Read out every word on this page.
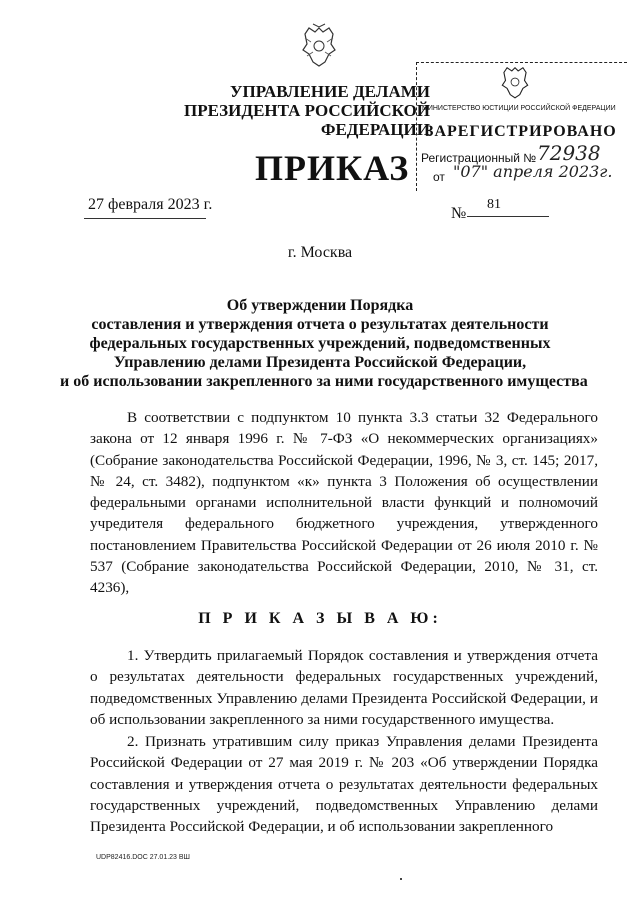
УПРАВЛЕНИЕ ДЕЛАМИ
ПРЕЗИДЕНТА РОССИЙСКОЙ ФЕДЕРАЦИИ
МИНИСТЕРСТВО ЮСТИЦИИ РОССИЙСКОЙ ФЕДЕРАЦИИ
ЗАРЕГИСТРИРОВАНО
Регистрационный № 72938
от "07" апреля 2023г.
ПРИКАЗ
27 февраля 2023 г.
№
81
г. Москва
Об утверждении Порядка
составления и утверждения отчета о результатах деятельности
федеральных государственных учреждений, подведомственных
Управлению делами Президента Российской Федерации,
и об использовании закрепленного за ними государственного имущества
В соответствии с подпунктом 10 пункта 3.3 статьи 32 Федерального закона от 12 января 1996 г. № 7-ФЗ «О некоммерческих организациях» (Собрание законодательства Российской Федерации, 1996, № 3, ст. 145; 2017, № 24, ст. 3482), подпунктом «к» пункта 3 Положения об осуществлении федеральными органами исполнительной власти функций и полномочий учредителя федерального бюджетного учреждения, утвержденного постановлением Правительства Российской Федерации от 26 июля 2010 г. № 537 (Собрание законодательства Российской Федерации, 2010, № 31, ст. 4236),
П Р И К А З Ы В А Ю:
1. Утвердить прилагаемый Порядок составления и утверждения отчета о результатах деятельности федеральных государственных учреждений, подведомственных Управлению делами Президента Российской Федерации, и об использовании закрепленного за ними государственного имущества.
2. Признать утратившим силу приказ Управления делами Президента Российской Федерации от 27 мая 2019 г. № 203 «Об утверждении Порядка составления и утверждения отчета о результатах деятельности федеральных государственных учреждений, подведомственных Управлению делами Президента Российской Федерации, и об использовании закрепленного
UDP82416.DOC 27.01.23 ВШ
